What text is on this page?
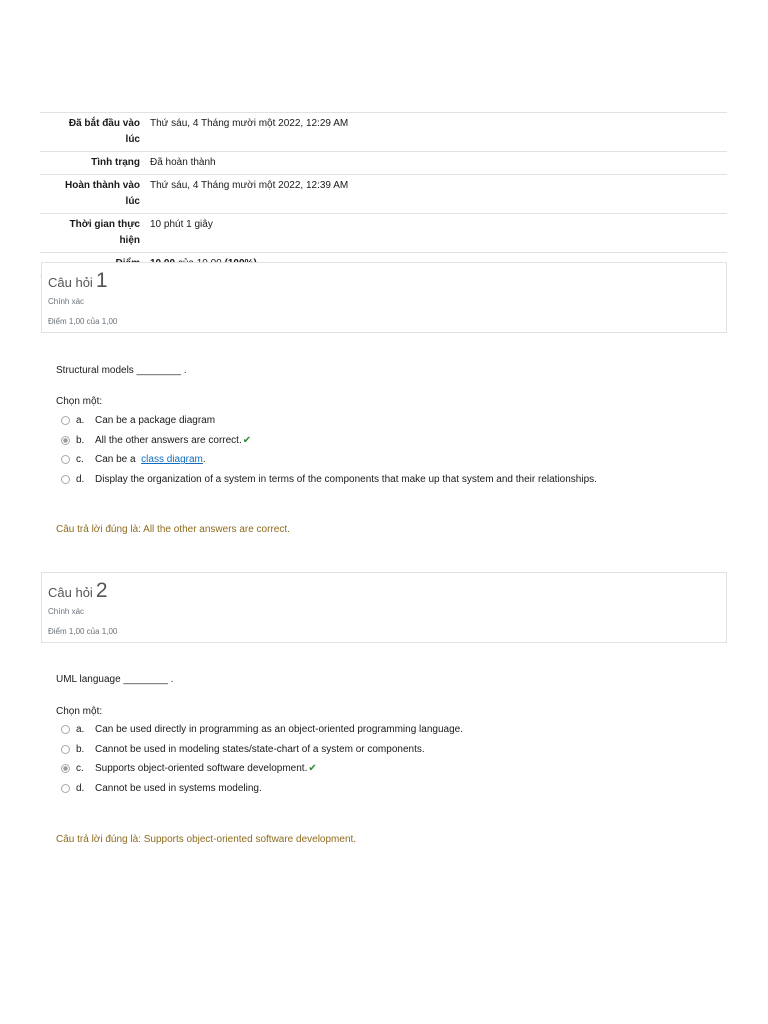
Đã bắt đầu vào lúc	Thứ sáu, 4 Tháng mười một 2022, 12:29 AM
Tình trạng	Đã hoàn thành
Hoàn thành vào lúc	Thứ sáu, 4 Tháng mười một 2022, 12:39 AM
Thời gian thực hiện	10 phút 1 giây

Câu hỏi 1
Chính xác
Điểm 1,00 của 1,00
Structural models ________ .
Chọn một:
a.	Can be a package diagram
b.	All the other answers are correct. ✔
c.	Can be a  class diagram.
d.	Display the organization of a system in terms of the components that make up that system and their relationships.
Câu trả lời đúng là: All the other answers are correct.
Câu hỏi 2
Chính xác
Điểm 1,00 của 1,00
UML language ________ .
Chọn một:
a.	Can be used directly in programming as an object-oriented programming language.
b.	Cannot be used in modeling states/state-chart of a system or components.
c.	Supports object-oriented software development. ✔
d.	Cannot be used in systems modeling.
Câu trả lời đúng là: Supports object-oriented software development.
